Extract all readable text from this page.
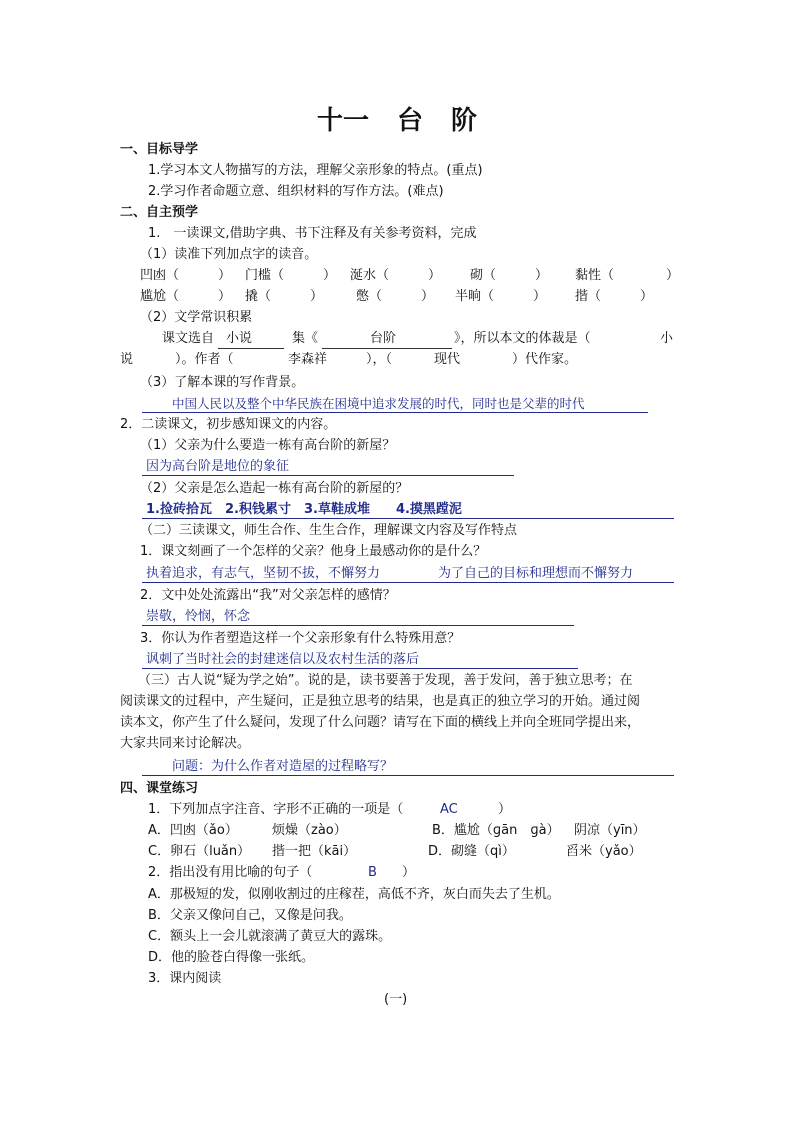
十一 台 阶
一、目标导学
1.学习本文人物描写的方法，理解父亲形象的特点。(重点)
2.学习作者命题立意、组织材料的写作方法。(难点)
二、自主预学
1.　一读课文,借助字典、书下注释及有关参考资料，完成
（1）读准下列加点字的读音。
凹凼（　　　） 门槛（　　　） 涎水（　　　） 砌（　　　） 黏性（　　　　）
尴尬（　　　） 撬（　　　）	憋（　　　） 半晌（　　　） 揩（　　　）
（2）文学常识积累
课文选自 小说	集《	台阶	》，所以本文的体裁是（	小
说	）。作者（	李森祥	），（	现代	）代作家。
（3）了解本课的写作背景。
中国人民以及整个中华民族在困境中追求发展的时代，同时也是父辈的时代
2．二读课文，初步感知课文的内容。
（1）父亲为什么要造一栋有高台阶的新屋？
因为高台阶是地位的象征
（2）父亲是怎么造起一栋有高台阶的新屋的？
1.捡砖拾瓦　2.积钱累寸　3.草鞋成堆　　4.摸黑蹚泥
（二）三读课文，师生合作、生生合作，理解课文内容及写作特点
1．课文刻画了一个怎样的父亲？他身上最感动你的是什么？
执着追求，有志气，坚韧不拔，不懈努力	为了自己的目标和理想而不懈努力
2．文中处处流露出“我”对父亲怎样的感情？
崇敬，怜悯，怀念
3．你认为作者塑造这样一个父亲形象有什么特殊用意？
讽刺了当时社会的封建迷信以及农村生活的落后
（三）古人说“疑为学之始”。说的是，读书要善于发现，善于发问，善于独立思考；在
阅读课文的过程中，产生疑问，正是独立思考的结果，也是真正的独立学习的开始。通过阅
读本文，你产生了什么疑问，发现了什么问题？请写在下面的横线上并向全班同学提出来，
大家共同来讨论解决。
问题：为什么作者对造屋的过程略写？
四、课堂练习
1．下列加点字注音、字形不正确的一项是（	AC	）
A．凹凼（ǎo）	烦燥（zào）	B．尴尬（ɡān　ɡà） 阴凉（yīn）
C．卵石（luǎn） 揩一把（kāi）	D．砌缝（qì）	舀米（yǎo）
2．指出没有用比喻的句子（	B ）
A．那极短的发，似刚收割过的庄稼茬，高低不齐，灰白而失去了生机。
B．父亲又像问自己，又像是问我。
C．额头上一会儿就滚满了黄豆大的露珠。
D．他的脸苍白得像一张纸。
3．课内阅读
(一)
